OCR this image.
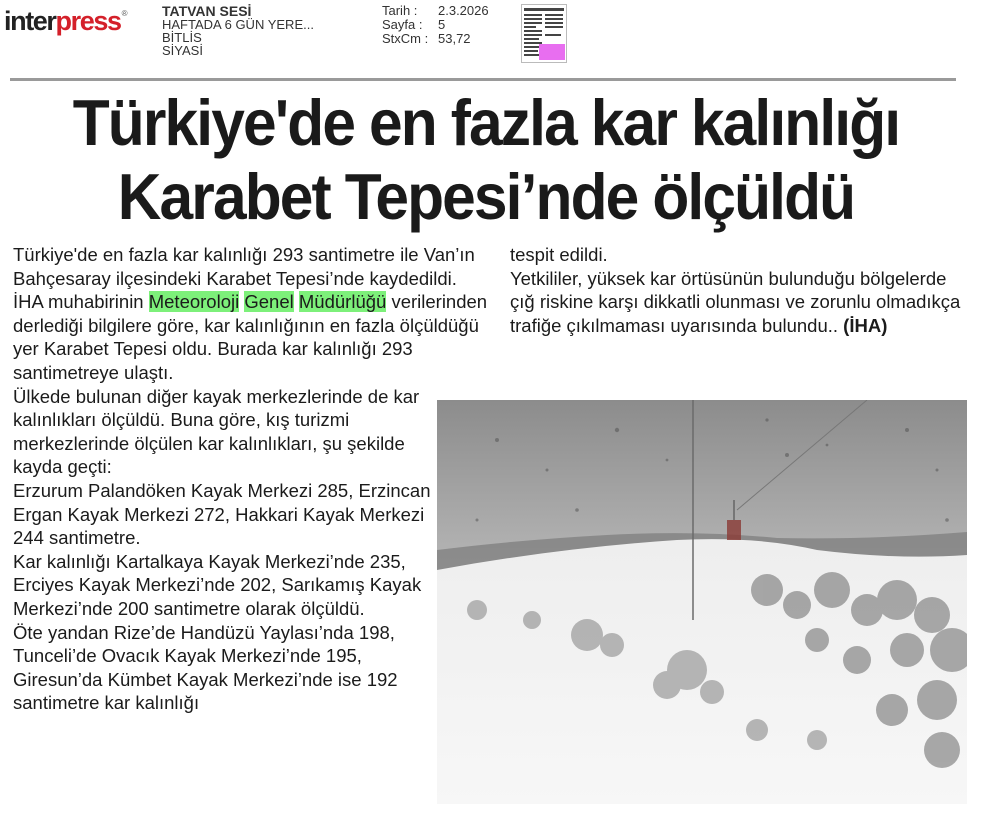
interpress®	TATVAN SESİ
HAFTADA 6 GÜN YERE...
BİTLİS
SİYASİ
Tarih :	2.3.2026
Sayfa :	5
StxCm : 53,72
Türkiye'de en fazla kar kalınlığı
Karabet Tepesi’nde ölçüldü

Türkiye'de en fazla kar kalınlığı 293 santimetre ile Van’ın Bahçesaray ilçesindeki Karabet Tepesi’nde kaydedildi.

İHA muhabirinin Meteoroloji Genel Müdürlüğü verilerinden derlediği bilgilere göre, kar kalınlığının en fazla ölçüldüğü yer Karabet Tepesi oldu. Burada kar kalınlığı 293 santimetreye ulaştı.

Ülkede bulunan diğer kayak merkezlerinde de kar kalınlıkları ölçüldü. Buna göre, kış turizmi merkezlerinde ölçülen kar kalınlıkları, şu şekilde kayda geçti:

Erzurum Palandöken Kayak Merkezi 285, Erzincan Ergan Kayak Merkezi 272, Hakkari Kayak Merkezi 244 santimetre.

Kar kalınlığı Kartalkaya Kayak Merkezi’nde 235, Erciyes Kayak Merkezi’nde 202, Sarıkamış Kayak Merkezi’nde 200 santimetre olarak ölçüldü.

Öte yandan Rize’de Handüzü Yaylası’nda 198, Tunceli’de Ovacık Kayak Merkezi’nde 195, Giresun’da Kümbet Kayak Merkezi’nde ise 192 santimetre kar kalınlığı

tespit edildi.

Yetkililer, yüksek kar örtüsünün bulunduğu bölgelerde çığ riskine karşı dikkatli olunması ve zorunlu olmadıkça trafiğe çıkılmaması uyarısında bulundu.. (İHA)
